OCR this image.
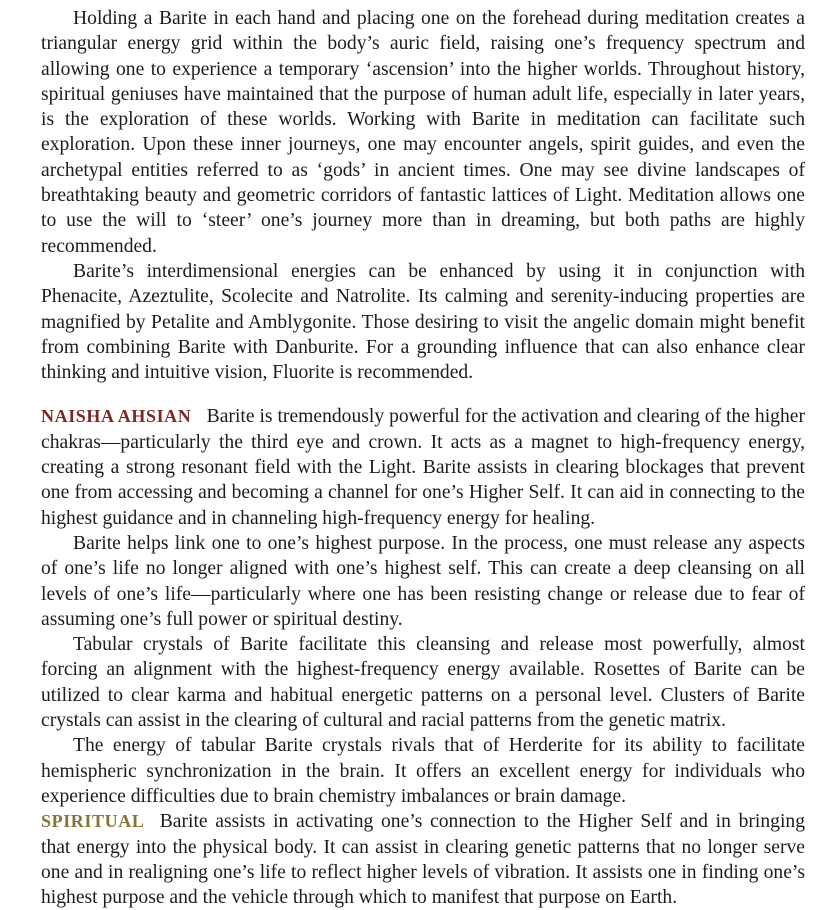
Holding a Barite in each hand and placing one on the forehead during meditation creates a triangular energy grid within the body’s auric field, raising one’s frequency spectrum and allowing one to experience a temporary ‘ascension’ into the higher worlds. Throughout history, spiritual geniuses have maintained that the purpose of human adult life, especially in later years, is the exploration of these worlds. Working with Barite in meditation can facilitate such exploration. Upon these inner journeys, one may encounter angels, spirit guides, and even the archetypal entities referred to as ‘gods’ in ancient times. One may see divine landscapes of breathtaking beauty and geometric corridors of fantastic lattices of Light. Meditation allows one to use the will to ‘steer’ one’s journey more than in dreaming, but both paths are highly recommended.

Barite’s interdimensional energies can be enhanced by using it in conjunction with Phenacite, Azeztulite, Scolecite and Natrolite. Its calming and serenity-inducing properties are magnified by Petalite and Amblygonite. Those desiring to visit the angelic domain might benefit from combining Barite with Danburite. For a grounding influence that can also enhance clear thinking and intuitive vision, Fluorite is recommended.

NAISHA AHSIAN Barite is tremendously powerful for the activation and clearing of the higher chakras—particularly the third eye and crown. It acts as a magnet to high-frequency energy, creating a strong resonant field with the Light. Barite assists in clearing blockages that prevent one from accessing and becoming a channel for one’s Higher Self. It can aid in connecting to the highest guidance and in channeling high-frequency energy for healing.

Barite helps link one to one’s highest purpose. In the process, one must release any aspects of one’s life no longer aligned with one’s highest self. This can create a deep cleansing on all levels of one’s life—particularly where one has been resisting change or release due to fear of assuming one’s full power or spiritual destiny.

Tabular crystals of Barite facilitate this cleansing and release most powerfully, almost forcing an alignment with the highest-frequency energy available. Rosettes of Barite can be utilized to clear karma and habitual energetic patterns on a personal level. Clusters of Barite crystals can assist in the clearing of cultural and racial patterns from the genetic matrix.

The energy of tabular Barite crystals rivals that of Herderite for its ability to facilitate hemispheric synchronization in the brain. It offers an excellent energy for individuals who experience difficulties due to brain chemistry imbalances or brain damage.

SPIRITUAL Barite assists in activating one’s connection to the Higher Self and in bringing that energy into the physical body. It can assist in clearing genetic patterns that no longer serve one and in realigning one’s life to reflect higher levels of vibration. It assists one in finding one’s highest purpose and the vehicle through which to manifest that purpose on Earth.
